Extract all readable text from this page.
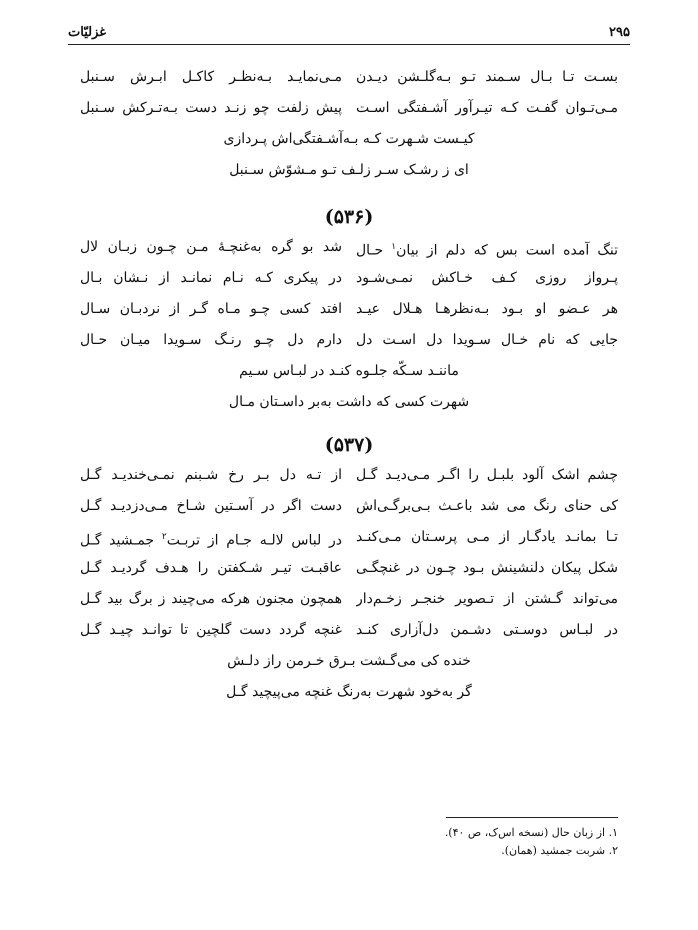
۲۹۵
غزلیّات
بسـت تـا بـال سـمند تـو بـه‌گلـشن دیـدن
مـی‌نمایـد بـه‌نظـر کاکـل ابـرش سـنبل
مـی‌تـوان گفـت کـه تیـرآور آشـفتگی اسـت
پیش زلفت چو زنـد دست بـه‌تـرکش سـنبل
کیـست شـهرت کـه بـه‌آشـفتگی‌اش پـردازی
ای ز رشـک سـر زلـف تـو مـشوّش سـنبل
(۵۳۶)
تنگ آمده است بس که دلم از بیان$^۱$ حـال
شد بو گره به‌غنچـهٔ مـن چـون زبـان لال
پـرواز روزی کـف خـاکش نمـی‌شـود
در پیکری کـه نـام نمانـد از نـشان بـال
هر عـضو او بـود بـه‌نظرهـا هـلال عیـد
افتد کسی چـو مـاه گـر از نردبـان سـال
جایی که نام خـال سـویدا دل اسـت دل
دارم دل چـو رنـگ سـویدا میـان حـال
ماننـد سـکّه جلـوه کنـد در لبـاس سـیم
شهرت کسی که داشت به‌بر داسـتان مـال
(۵۳۷)
چشم اشک آلود بلبـل را اگـر مـی‌دیـد گـل
از تـه دل بـر رخ شـبنم نمـی‌خندیـد گـل
کی حنای رنگ می شد باعـث بـی‌برگـی‌اش
دست اگر در آسـتین شـاخ مـی‌دزدیـد گـل
تـا بمانـد یادگـار از مـی پرسـتان مـی‌کنـد
در لباس لالـه جـام از تربـت$^۲$ جمـشید گـل
شکل پیکان دلنشینش بـود چـون در غنچگـی
عاقبـت تیـر شـکفتن را هـدف گردیـد گـل
می‌تواند گـشتن از تـصویر خنجـر زخـم‌دار
همچون مجنون هرکه می‌چیند ز برگ بید گـل
در لبـاس دوسـتی دشـمن دل‌آزاری کنـد
غنچه گردد دست گلچین تا توانـد چیـد گـل
خنده کی می‌گـشت بـرق خـرمن راز دلـش
گر به‌خود شهرت به‌رنگ غنچه می‌پیچید گـل
۱. از زبان حال (نسخه اس‌ک، ص ۴۰).
۲. شربت جمشید (همان).
